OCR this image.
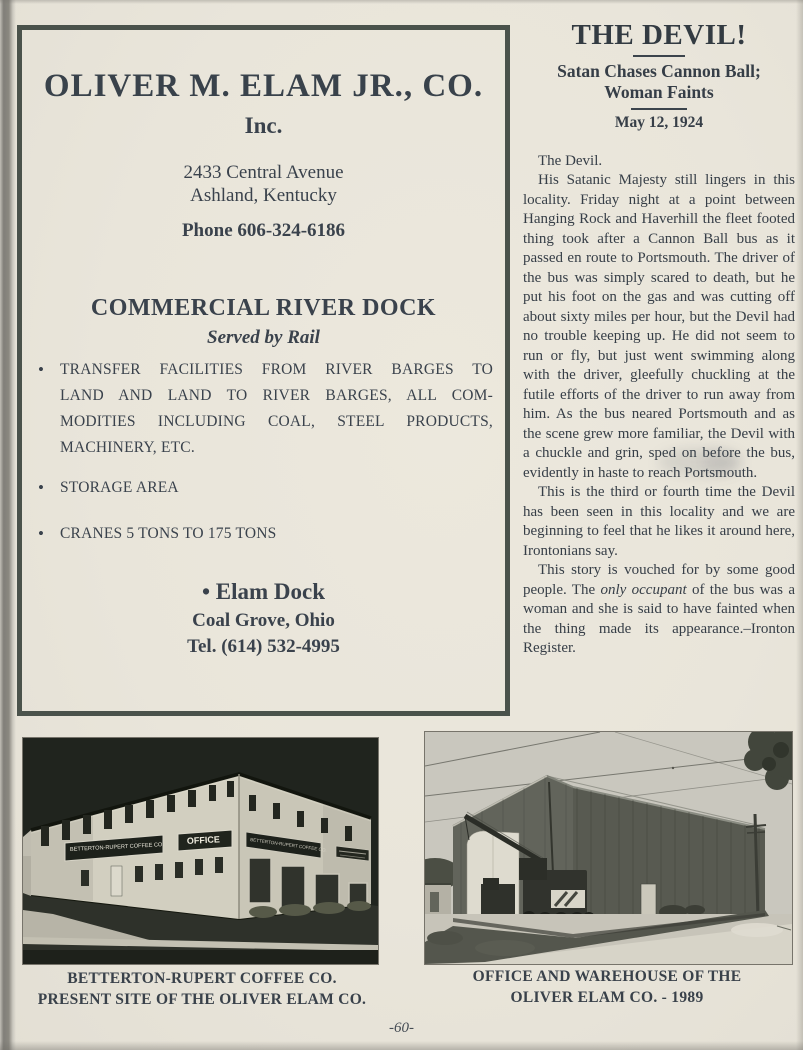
OLIVER M. ELAM JR., CO.
Inc.
2433 Central Avenue
Ashland, Kentucky
Phone 606-324-6186
COMMERCIAL RIVER DOCK
Served by Rail
•	TRANSFER FACILITIES FROM RIVER BARGES TO
LAND AND LAND TO RIVER BARGES, ALL COM-
MODITIES INCLUDING COAL, STEEL PRODUCTS,
MACHINERY, ETC.
•	STORAGE AREA
•	CRANES 5 TONS TO 175 TONS
• Elam Dock
Coal Grove, Ohio
Tel. (614) 532-4995
THE DEVIL!
Satan Chases Cannon Ball;
Woman Faints
May 12, 1924

The Devil.

His Satanic Majesty still lingers in this locality. Friday night at a point between Hanging Rock and Haverhill the fleet footed thing took after a Cannon Ball bus as it passed en route to Portsmouth. The driver of the bus was simply scared to death, but he put his foot on the gas and was cutting off about sixty miles per hour, but the Devil had no trouble keeping up. He did not seem to run or fly, but just went swimming along with the driver, gleefully chuckling at the futile efforts of the driver to run away from him. As the bus neared Portsmouth and as the scene grew more familiar, the Devil with a chuckle and grin, sped on before the bus, evidently in haste to reach Portsmouth.

This is the third or fourth time the Devil has been seen in this locality and we are beginning to feel that he likes it around here, Irontonians say.

This story is vouched for by some good people. The only occupant of the bus was a woman and she is said to have fainted when the thing made its appearance.–Ironton Register.

BETTERTON-RUPERT COFFEE CO.
OFFICE	BETTERTON-RUPERT COFFEE CO.
BETTERTON-RUPERT COFFEE CO.
PRESENT SITE OF THE OLIVER ELAM CO.
OFFICE AND WAREHOUSE OF THE
OLIVER ELAM CO. - 1989
-60-
